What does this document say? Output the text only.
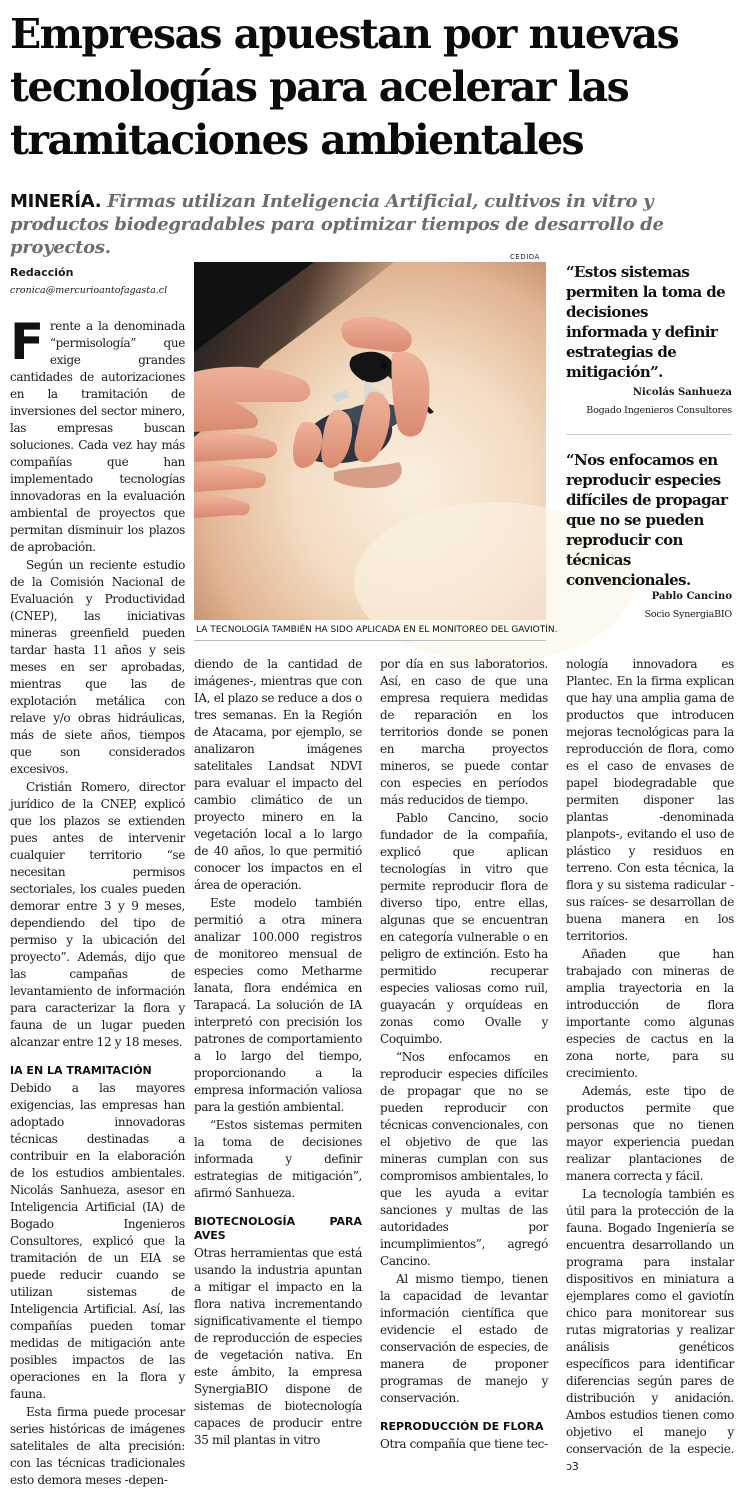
Empresas apuestan por nuevas tecnologías para acelerar las tramitaciones ambientales
MINERÍA. Firmas utilizan Inteligencia Artificial, cultivos in vitro y productos biodegradables para optimizar tiempos de desarrollo de proyectos.
Redacción
cronica@mercurioantofagasta.cl
CEDIDA
LA TECNOLOGÍA TAMBIÉN HA SIDO APLICADA EN EL MONITOREO DEL GAVIOTÍN.
“Estos sistemas permiten la toma de decisiones informada y definir estrategias de mitigación”.
Nicolás Sanhueza
Bogado Ingenieros Consultores
“Nos enfocamos en reproducir especies difíciles de propagar que no se pueden reproducir con técnicas convencionales.
Pablo Cancino
Socio SynergiaBIO

Frente a la denominada “permisología” que exige grandes cantidades de autorizaciones en la tramitación de inversiones del sector minero, las empresas buscan soluciones. Cada vez hay más compañías que han implementado tecnologías innovadoras en la evaluación ambiental de proyectos que permitan disminuir los plazos de aprobación.

Según un reciente estudio de la Comisión Nacional de Evaluación y Productividad (CNEP), las iniciativas mineras greenfield pueden tardar hasta 11 años y seis meses en ser aprobadas, mientras que las de explotación metálica con relave y/o obras hidráulicas, más de siete años, tiempos que son considerados excesivos.

Cristián Romero, director jurídico de la CNEP, explicó que los plazos se extienden pues antes de intervenir cualquier territorio “se necesitan permisos sectoriales, los cuales pueden demorar entre 3 y 9 meses, dependiendo del tipo de permiso y la ubicación del proyecto”. Además, dijo que las campañas de levantamiento de información para caracterizar la flora y fauna de un lugar pueden alcanzar entre 12 y 18 meses.

IA EN LA TRAMITACIÓN

Debido a las mayores exigencias, las empresas han adoptado innovadoras técnicas destinadas a contribuir en la elaboración de los estudios ambientales. Nicolás Sanhueza, asesor en Inteligencia Artificial (IA) de Bogado Ingenieros Consultores, explicó que la tramitación de un EIA se puede reducir cuando se utilizan sistemas de Inteligencia Artificial. Así, las compañías pueden tomar medidas de mitigación ante posibles impactos de las operaciones en la flora y fauna.

Esta firma puede procesar series históricas de imágenes satelitales de alta precisión: con las técnicas tradicionales esto demora meses -depen-

diendo de la cantidad de imágenes-, mientras que con IA, el plazo se reduce a dos o tres semanas. En la Región de Atacama, por ejemplo, se analizaron imágenes satelitales Landsat NDVI para evaluar el impacto del cambio climático de un proyecto minero en la vegetación local a lo largo de 40 años, lo que permitió conocer los impactos en el área de operación.

Este modelo también permitió a otra minera analizar 100.000 registros de monitoreo mensual de especies como Metharme lanata, flora endémica en Tarapacá. La solución de IA interpretó con precisión los patrones de comportamiento a lo largo del tiempo, proporcionando a la empresa información valiosa para la gestión ambiental.

“Estos sistemas permiten la toma de decisiones informada y definir estrategias de mitigación”, afirmó Sanhueza.

BIOTECNOLOGÍA PARA AVES

Otras herramientas que está usando la industria apuntan a mitigar el impacto en la flora nativa incrementando significativamente el tiempo de reproducción de especies de vegetación nativa. En este ámbito, la empresa SynergiaBIO dispone de sistemas de biotecnología capaces de producir entre 35 mil plantas in vitro

por día en sus laboratorios. Así, en caso de que una empresa requiera medidas de reparación en los territorios donde se ponen en marcha proyectos mineros, se puede contar con especies en períodos más reducidos de tiempo.

Pablo Cancino, socio fundador de la compañía, explicó que aplican tecnologías in vitro que permite reproducir flora de diverso tipo, entre ellas, algunas que se encuentran en categoría vulnerable o en peligro de extinción. Esto ha permitido recuperar especies valiosas como ruil, guayacán y orquídeas en zonas como Ovalle y Coquimbo.

“Nos enfocamos en reproducir especies difíciles de propagar que no se pueden reproducir con técnicas convencionales, con el objetivo de que las mineras cumplan con sus compromisos ambientales, lo que les ayuda a evitar sanciones y multas de las autoridades por incumplimientos”, agregó Cancino.

Al mismo tiempo, tienen la capacidad de levantar información científica que evidencie el estado de conservación de especies, de manera de proponer programas de manejo y conservación.

REPRODUCCIÓN DE FLORA

Otra compañía que tiene tec-

nología innovadora es Plantec. En la firma explican que hay una amplia gama de productos que introducen mejoras tecnológicas para la reproducción de flora, como es el caso de envases de papel biodegradable que permiten disponer las plantas -denominada planpots-, evitando el uso de plástico y residuos en terreno. Con esta técnica, la flora y su sistema radicular -sus raíces- se desarrollan de buena manera en los territorios.

Añaden que han trabajado con mineras de amplia trayectoria en la introducción de flora importante como algunas especies de cactus en la zona norte, para su crecimiento.

Además, este tipo de productos permite que personas que no tienen mayor experiencia puedan realizar plantaciones de manera correcta y fácil.

La tecnología también es útil para la protección de la fauna. Bogado Ingeniería se encuentra desarrollando un programa para instalar dispositivos en miniatura a ejemplares como el gaviotín chico para monitorear sus rutas migratorias y realizar análisis genéticos específicos para identificar diferencias según pares de distribución y anidación. Ambos estudios tienen como objetivo el manejo y conservación de la especie. ↄ3
